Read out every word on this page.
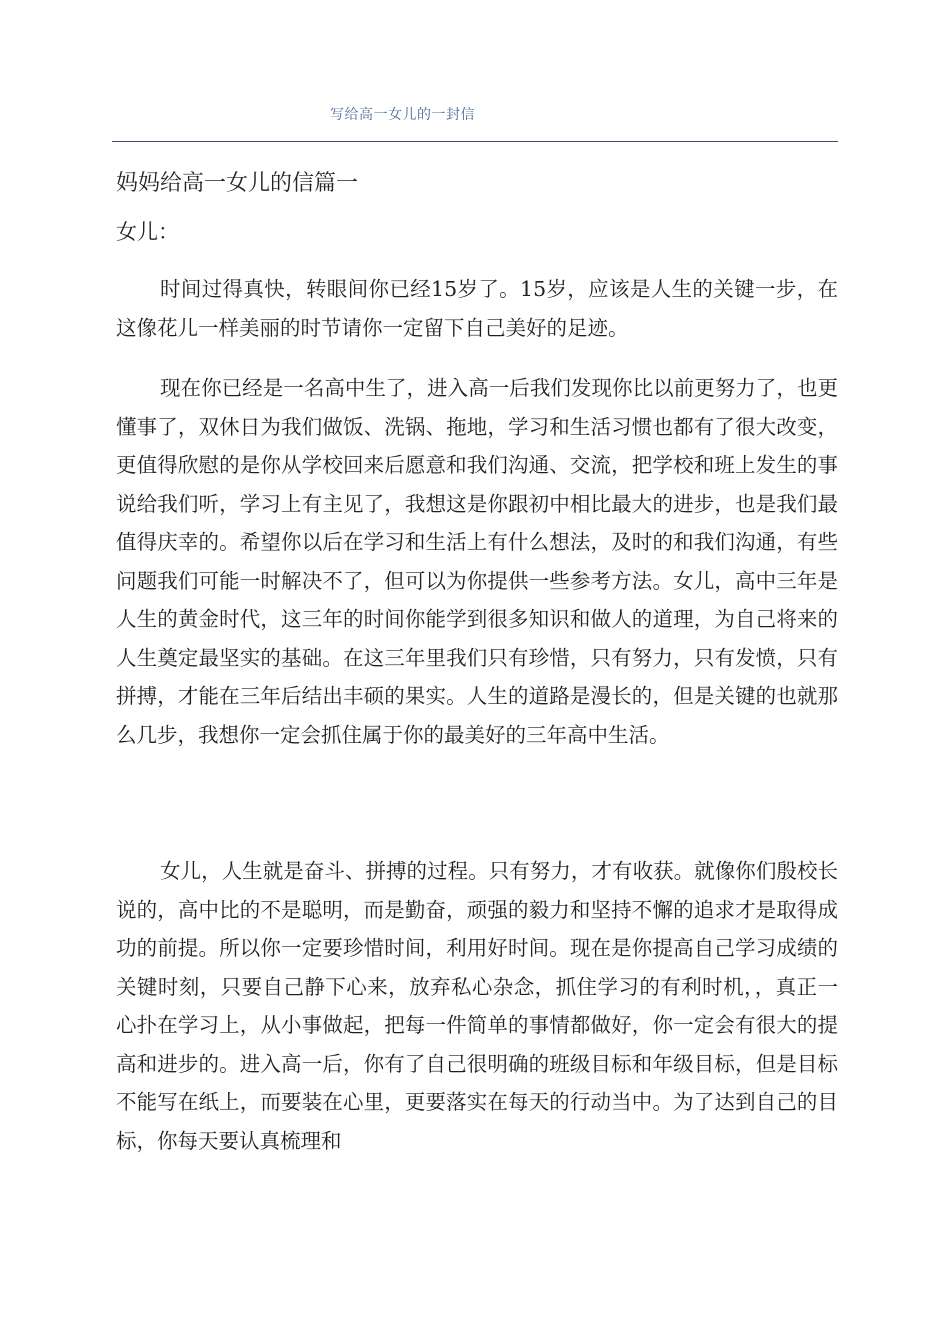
写给高一女儿的一封信
妈妈给高一女儿的信篇一
女儿：

时间过得真快，转眼间你已经15岁了。15岁，应该是人生的关键一步，在这像花儿一样美丽的时节请你一定留下自己美好的足迹。

现在你已经是一名高中生了，进入高一后我们发现你比以前更努力了，也更懂事了，双休日为我们做饭、洗锅、拖地，学习和生活习惯也都有了很大改变，更值得欣慰的是你从学校回来后愿意和我们沟通、交流，把学校和班上发生的事说给我们听，学习上有主见了，我想这是你跟初中相比最大的进步，也是我们最值得庆幸的。希望你以后在学习和生活上有什么想法，及时的和我们沟通，有些问题我们可能一时解决不了，但可以为你提供一些参考方法。女儿，高中三年是人生的黄金时代，这三年的时间你能学到很多知识和做人的道理，为自己将来的人生奠定最坚实的基础。在这三年里我们只有珍惜，只有努力，只有发愤，只有拼搏，才能在三年后结出丰硕的果实。人生的道路是漫长的，但是关键的也就那么几步，我想你一定会抓住属于你的最美好的三年高中生活。

女儿，人生就是奋斗、拼搏的过程。只有努力，才有收获。就像你们殷校长说的，高中比的不是聪明，而是勤奋，顽强的毅力和坚持不懈的追求才是取得成功的前提。所以你一定要珍惜时间，利用好时间。现在是你提高自己学习成绩的关键时刻，只要自己静下心来，放弃私心杂念，抓住学习的有利时机，，真正一心扑在学习上，从小事做起，把每一件简单的事情都做好，你一定会有很大的提高和进步的。进入高一后，你有了自己很明确的班级目标和年级目标，但是目标不能写在纸上，而要装在心里，更要落实在每天的行动当中。为了达到自己的目标，你每天要认真梳理和
